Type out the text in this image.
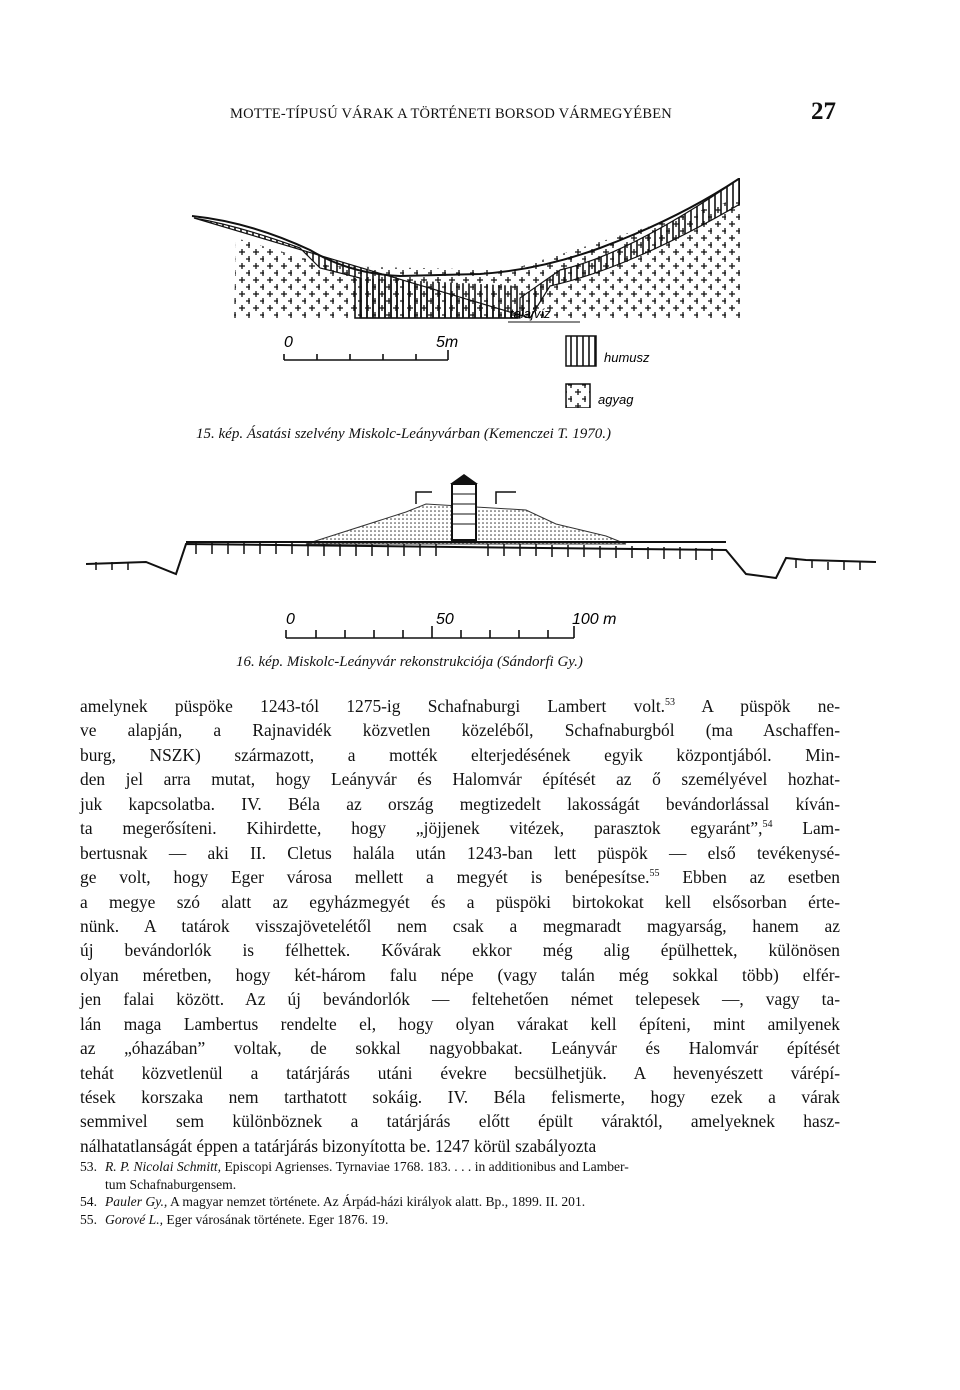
MOTTE-TÍPUSÚ VÁRAK A TÖRTÉNETI BORSOD VÁRMEGYÉBEN	27
talajvíz
0	5m
humusz
agyag
15. kép. Ásatási szelvény Miskolc-Leányvárban (Kemenczei T. 1970.)
0	50	100 m
16. kép. Miskolc-Leányvár rekonstrukciója (Sándorfi Gy.)
amelynek püspöke 1243-tól 1275-ig Schafnaburgi Lambert volt.$^{53}$ A püspök ne-
ve alapján, a Rajnavidék közvetlen közeléből, Schafnaburgból (ma Aschaffen-
burg, NSZK) származott, a motték elterjedésének egyik központjából. Min-
den jel arra mutat, hogy Leányvár és Halomvár építését az ő személyével hozhat-
juk kapcsolatba. IV. Béla az ország megtizedelt lakosságát bevándorlással kíván-
ta megerősíteni. Kihirdette, hogy „jöjjenek vitézek, parasztok egyaránt”,$^{54}$ Lam-
bertusnak — aki II. Cletus halála után 1243-ban lett püspök — első tevékenysé-
ge volt, hogy Eger városa mellett a megyét is benépesítse.$^{55}$ Ebben az esetben
a megye szó alatt az egyházmegyét és a püspöki birtokokat kell elsősorban érte-
nünk. A tatárok visszajövetelétől nem csak a megmaradt magyarság, hanem az
új bevándorlók is félhettek. Kővárak ekkor még alig épülhettek, különösen
olyan méretben, hogy két-három falu népe (vagy talán még sokkal több) elfér-
jen falai között. Az új bevándorlók — feltehetően német telepesek —, vagy ta-
lán maga Lambertus rendelte el, hogy olyan várakat kell építeni, mint amilyenek
az „óhazában” voltak, de sokkal nagyobbakat. Leányvár és Halomvár építését
tehát közvetlenül a tatárjárás utáni évekre becsülhetjük. A hevenyészett várépí-
tések korszaka nem tarthatott sokáig. IV. Béla felismerte, hogy ezek a várak
semmivel sem különböznek a tatárjárás előtt épült váraktól, amelyeknek hasz-
nálhatatlanságát éppen a tatárjárás bizonyította be. 1247 körül szabályozta
53. R. P. Nicolai Schmitt, Episcopi Agrienses. Tyrnaviae 1768. 183. . . . in additionibus and Lamber-
tum Schafnaburgensem.
54. Pauler Gy., A magyar nemzet története. Az Árpád-házi királyok alatt. Bp., 1899. II. 201.
55. Gorové L., Eger városának története. Eger 1876. 19.
